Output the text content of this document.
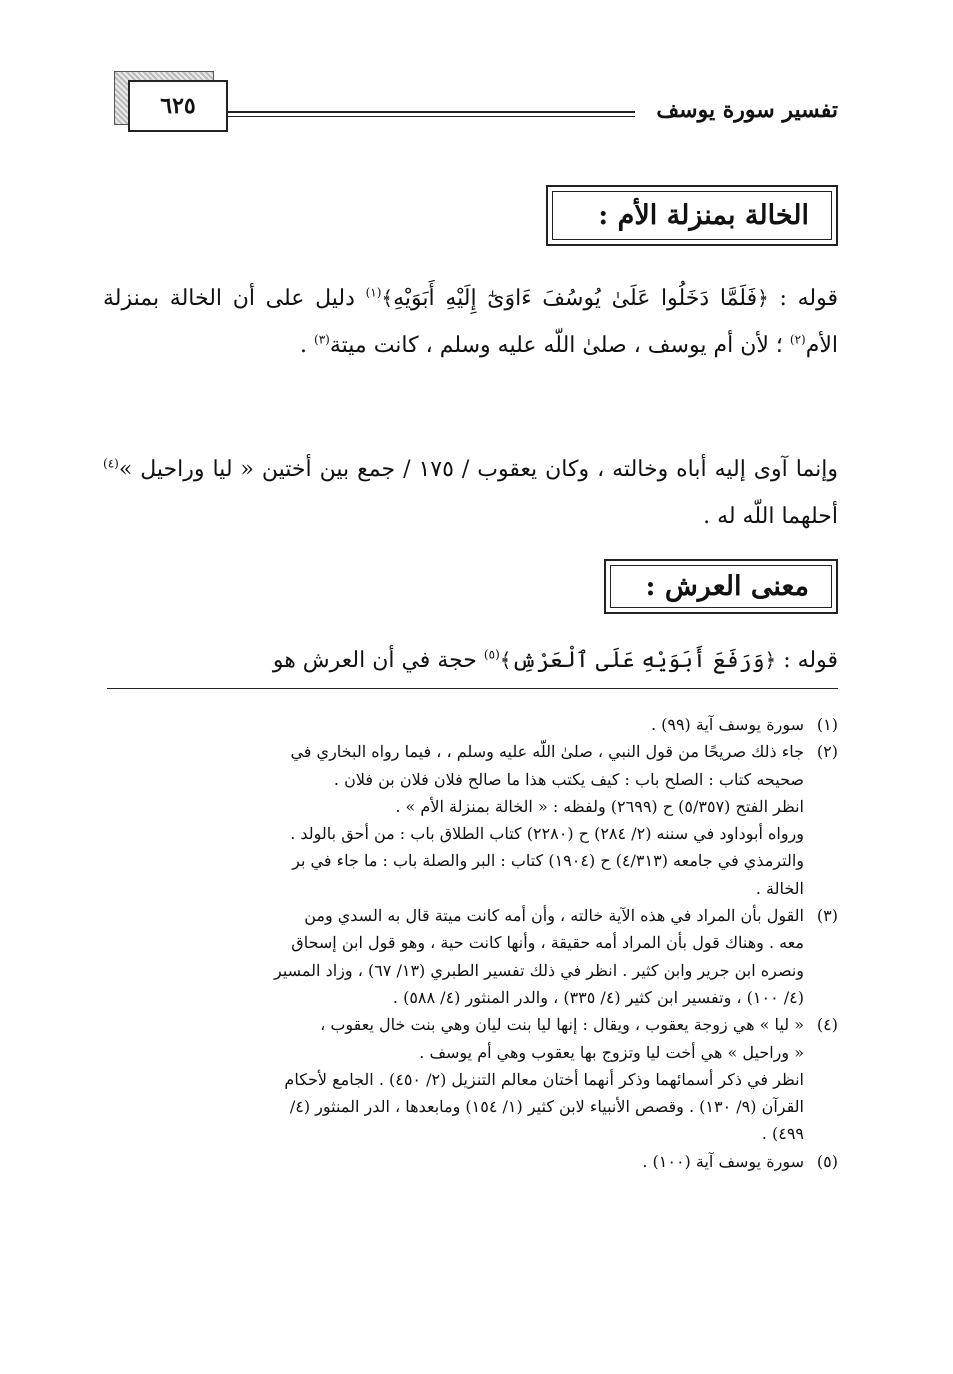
تفسير سورة يوسف
٦٢٥
الخالة بمنزلة الأم :
قوله : ﴿فَلَمَّا دَخَلُوا عَلَىٰ يُوسُفَ ءَاوَىٰٓ إِلَيْهِ أَبَوَيْهِ﴾$^{(١)}$ دليل على أن الخالة بمنزلة الأم$^{(٢)}$ ؛ لأن أم يوسف ، صلىٰ اللّه عليه وسلم ، كانت ميتة$^{(٣)}$ .
وإنما آوى إليه أباه وخالته ، وكان يعقوب / ١٧٥ / جمع بين أختين « ليا وراحيل »$^{(٤)}$ أحلهما اللّه له .
معنى العرش :
قوله : ﴿وَرَفَعَ أَبَوَيْهِ عَلَى ٱلْعَرْشِ﴾$^{(٥)}$ حجة في أن العرش هو
(١)
سورة يوسف آية (٩٩) .
(٢)
جاء ذلك صريحًا من قول النبي ، صلىٰ اللّه عليه وسلم ، ، فيما رواه البخاري في
صحيحه كتاب : الصلح باب : كيف يكتب هذا ما صالح فلان فلان بن فلان .
انظر الفتح (٥/٣٥٧) ح (٢٦٩٩) ولفظه : « الخالة بمنزلة الأم » .
ورواه أبوداود في سننه (٢/ ٢٨٤) ح (٢٢٨٠) كتاب الطلاق باب : من أحق بالولد .
والترمذي في جامعه (٤/٣١٣) ح (١٩٠٤) كتاب : البر والصلة باب : ما جاء في بر
الخالة .
(٣)
القول بأن المراد في هذه الآية خالته ، وأن أمه كانت ميتة قال به السدي ومن
معه . وهناك قول بأن المراد أمه حقيقة ، وأنها كانت حية ، وهو قول ابن إسحاق
ونصره ابن جرير وابن كثير . انظر في ذلك تفسير الطبري (١٣/ ٦٧) ، وزاد المسير
(٤/ ١٠٠) ، وتفسير ابن كثير (٤/ ٣٣٥) ، والدر المنثور (٤/ ٥٨٨) .
(٤)
« ليا » هي زوجة يعقوب ، ويقال : إنها ليا بنت ليان وهي بنت خال يعقوب ،
« وراحيل » هي أخت ليا وتزوج بها يعقوب وهي أم يوسف .
انظر في ذكر أسمائهما وذكر أنهما أختان معالم التنزيل (٢/ ٤٥٠) . الجامع لأحكام
القرآن (٩/ ١٣٠) . وقصص الأنبياء لابن كثير (١/ ١٥٤) ومابعدها ، الدر المنثور (٤/
٤٩٩) .
(٥)
سورة يوسف آية (١٠٠) .
